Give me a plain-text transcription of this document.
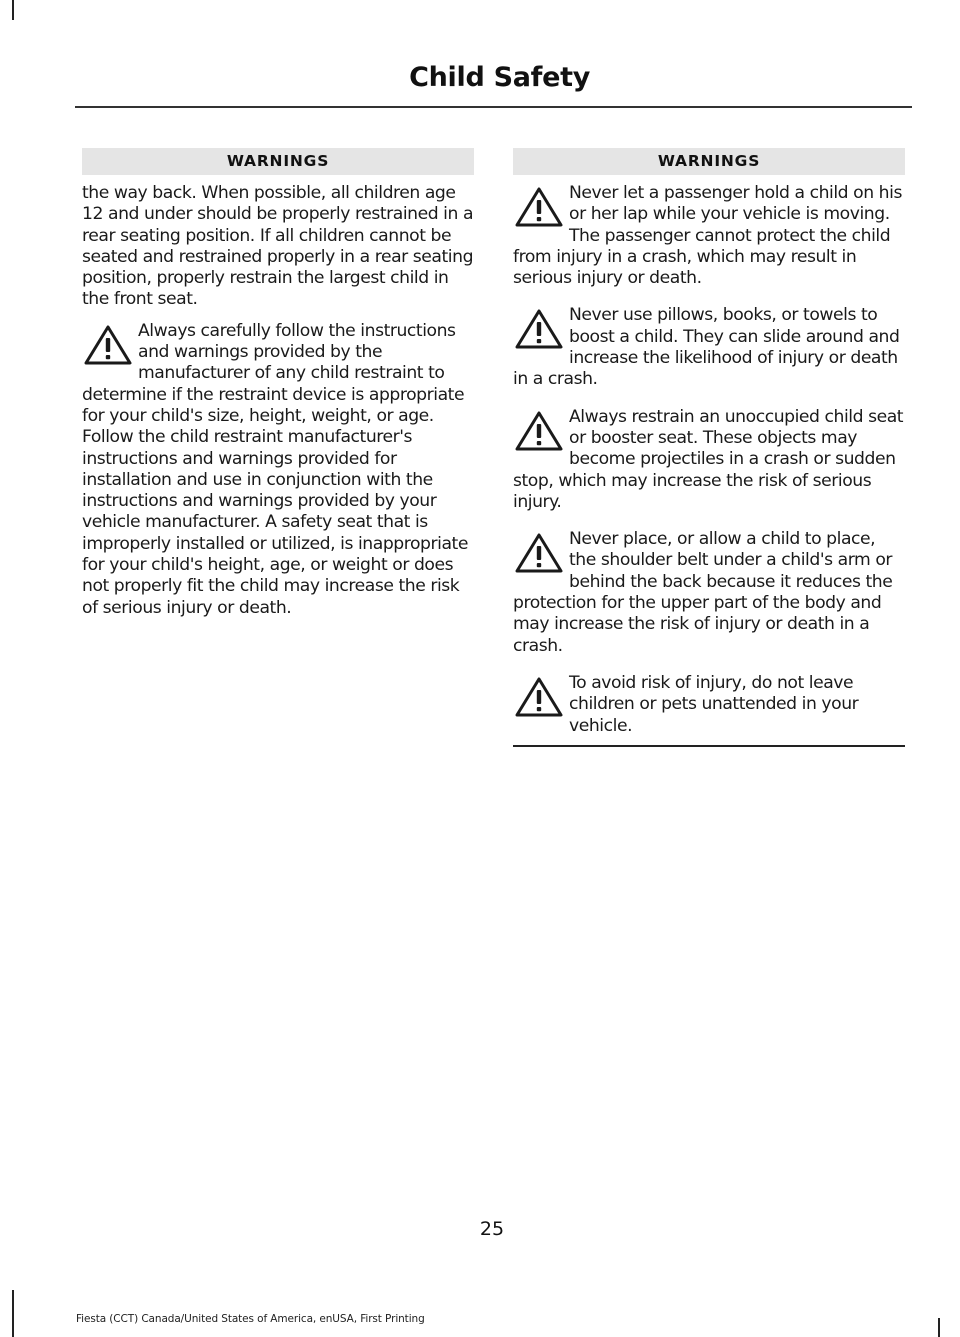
Child Safety
WARNINGS

the way back. When possible, all children age 12 and under should be properly restrained in a rear seating position. If all children cannot be seated and restrained properly in a rear seating position, properly restrain the largest child in the front seat.

Always carefully follow the instructions and warnings provided by the manufacturer of any child restraint to determine if the restraint device is appropriate for your child's size, height, weight, or age. Follow the child restraint manufacturer's instructions and warnings provided for installation and use in conjunction with the instructions and warnings provided by your vehicle manufacturer. A safety seat that is improperly installed or utilized, is inappropriate for your child's height, age, or weight or does not properly fit the child may increase the risk of serious injury or death.

WARNINGS

Never let a passenger hold a child on his or her lap while your vehicle is moving. The passenger cannot protect the child from injury in a crash, which may result in serious injury or death.

Never use pillows, books, or towels to boost a child. They can slide around and increase the likelihood of injury or death in a crash.

Always restrain an unoccupied child seat or booster seat. These objects may become projectiles in a crash or sudden stop, which may increase the risk of serious injury.

Never place, or allow a child to place, the shoulder belt under a child's arm or behind the back because it reduces the protection for the upper part of the body and may increase the risk of injury or death in a crash.

To avoid risk of injury, do not leave children or pets unattended in your vehicle.

25
Fiesta (CCT) Canada/United States of America, enUSA, First Printing
